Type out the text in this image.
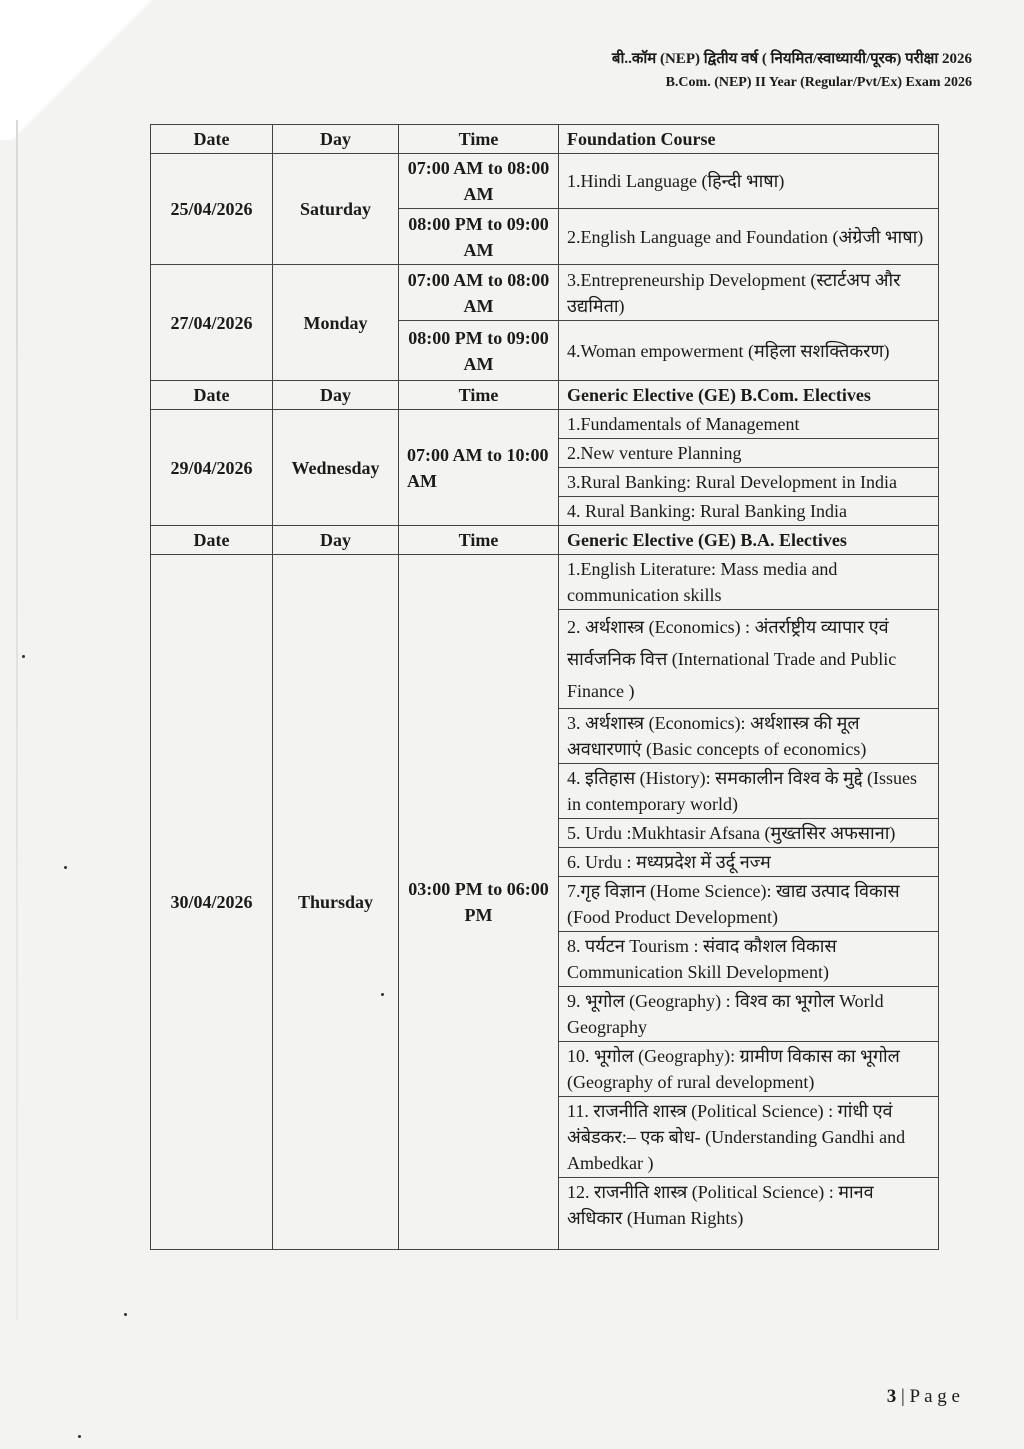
बी..कॉम (NEP) द्वितीय वर्ष ( नियमित/स्वाध्यायी/पूरक) परीक्षा 2026
B.Com. (NEP) II Year (Regular/Pvt/Ex) Exam 2026
Date	Day	Time	Foundation Course
25/04/2026	Saturday	07:00 AM to 08:00 AM	1.Hindi Language (हिन्दी भाषा)
		08:00 PM to 09:00 AM	2.English Language and Foundation (अंग्रेजी भाषा)
27/04/2026	Monday	07:00 AM to 08:00 AM	3.Entrepreneurship Development (स्टार्टअप और उद्यमिता)
		08:00 PM to 09:00 AM	4.Woman empowerment (महिला सशक्तिकरण)
Date	Day	Time	Generic Elective (GE) B.Com. Electives
29/04/2026	Wednesday	07:00 AM to 10:00 AM	1.Fundamentals of Management
			2.New venture Planning
			3.Rural Banking: Rural Development in India
			4. Rural Banking: Rural Banking India
Date	Day	Time	Generic Elective (GE) B.A. Electives
30/04/2026	Thursday	03:00 PM to 06:00 PM	1.English Literature: Mass media and communication skills
			2. अर्थशास्त्र (Economics) : अंतर्राष्ट्रीय व्यापार एवं सार्वजनिक वित्त (International Trade and Public Finance )
			3. अर्थशास्त्र (Economics): अर्थशास्त्र की मूल अवधारणाएं (Basic concepts of economics)
			4. इतिहास (History): समकालीन विश्व के मुद्दे (Issues in contemporary world)
			5. Urdu :Mukhtasir Afsana (मुख्तसिर अफसाना)
			6. Urdu : मध्यप्रदेश में उर्दू नज्म
			7.गृह विज्ञान (Home Science): खाद्य उत्पाद विकास (Food Product Development)
			8. पर्यटन Tourism : संवाद कौशल विकास Communication Skill Development)
			9. भूगोल (Geography) : विश्व का भूगोल World Geography
			10. भूगोल (Geography): ग्रामीण विकास का भूगोल (Geography of rural development)
			11. राजनीति शास्त्र (Political Science) : गांधी एवं अंबेडकर:– एक बोध- (Understanding Gandhi and Ambedkar )
			12. राजनीति शास्त्र (Political Science) : मानव अधिकार (Human Rights)
3 | P a g e
